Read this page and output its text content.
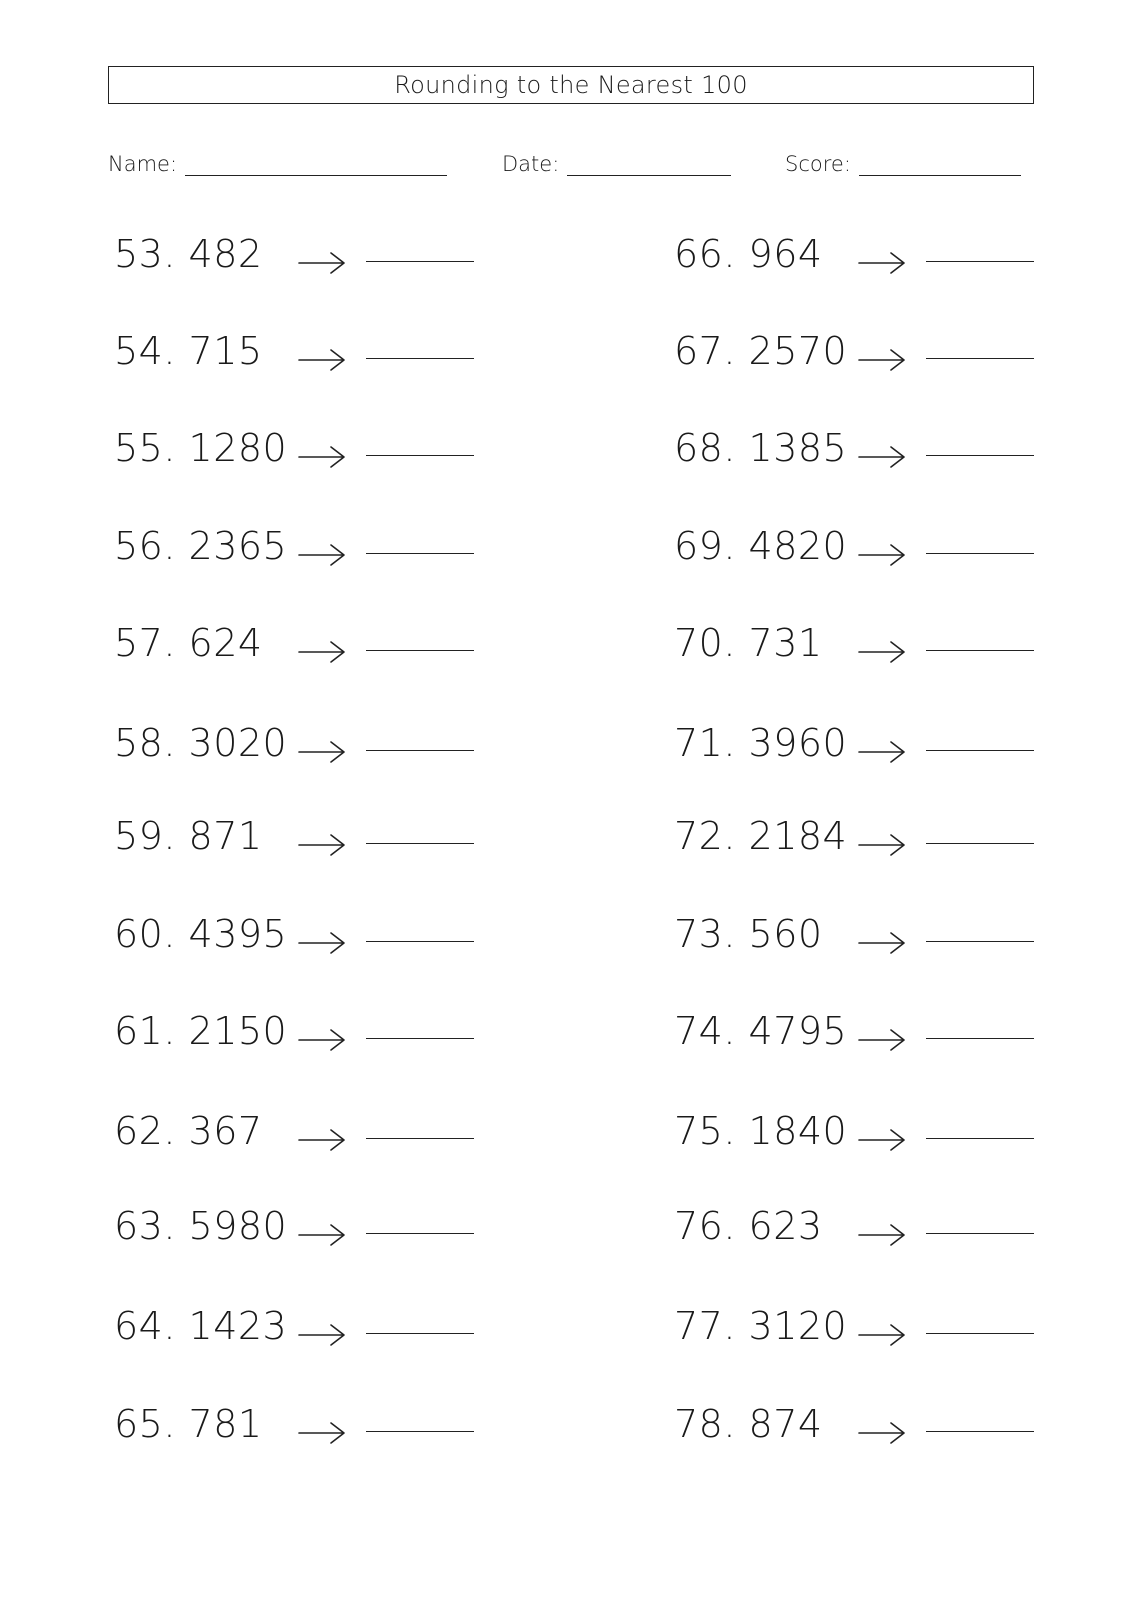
Rounding to the Nearest 100
Name:	Date:	Score:
53. 482
54. 715
55. 1280
56. 2365
57. 624
58. 3020
59. 871
60. 4395
61. 2150
62. 367
63. 5980
64. 1423
65. 781
66. 964
67. 2570
68. 1385
69. 4820
70. 731
71. 3960
72. 2184
73. 560
74. 4795
75. 1840
76. 623
77. 3120
78. 874
